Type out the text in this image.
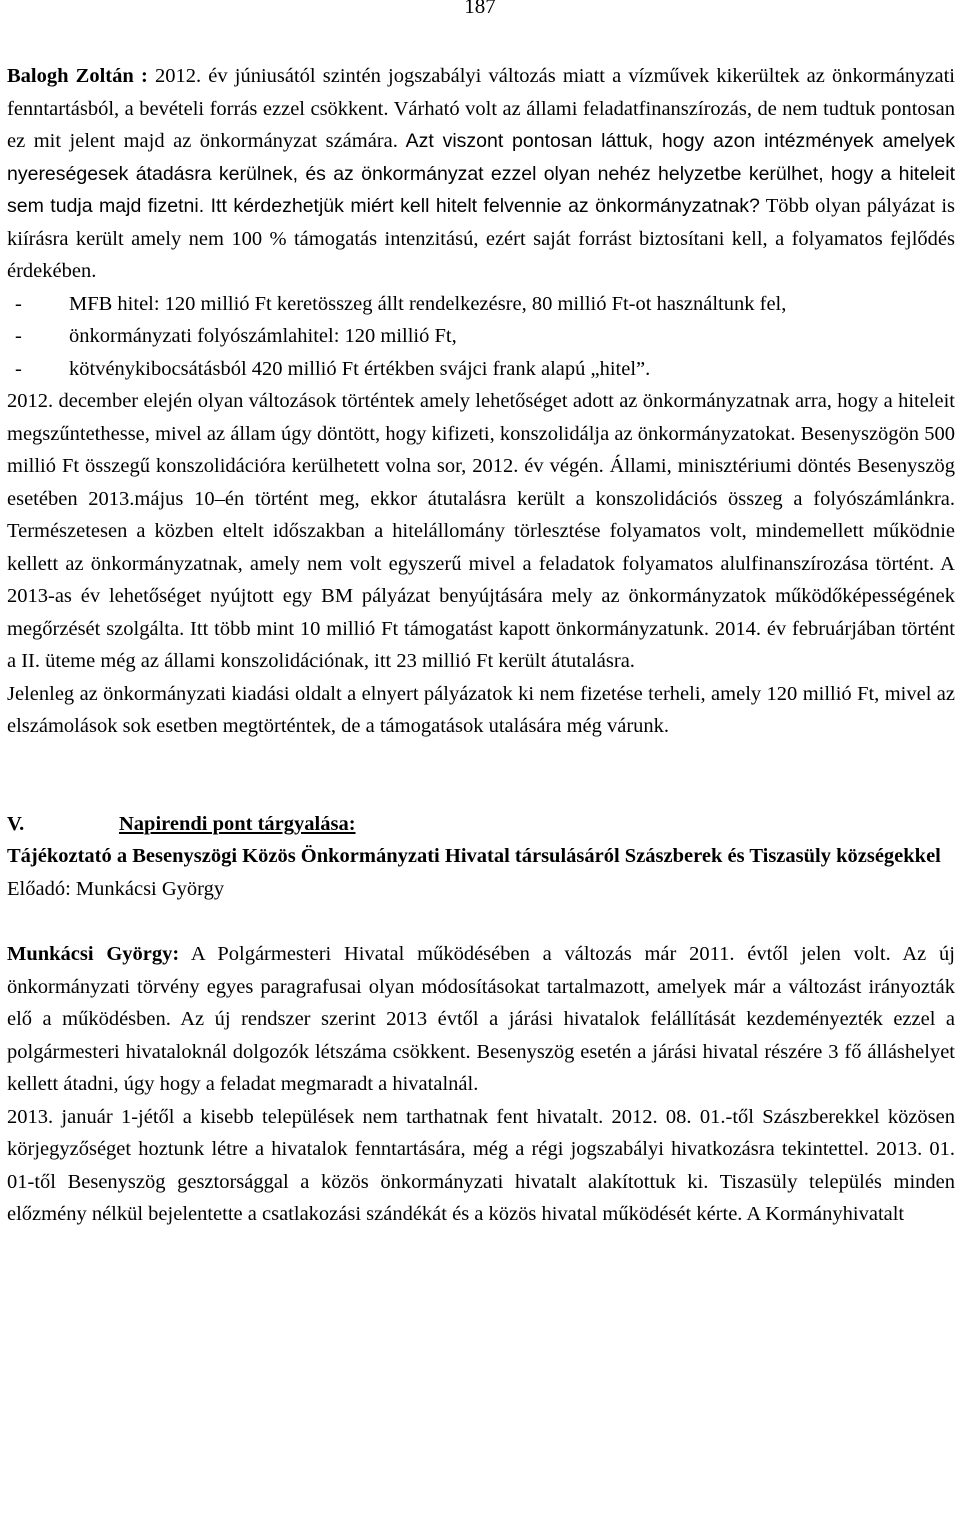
187

Balogh Zoltán : 2012. év júniusától szintén jogszabályi változás miatt a vízművek kikerültek az önkormányzati fenntartásból, a bevételi forrás ezzel csökkent. Várható volt az állami feladatfinanszírozás, de nem tudtuk pontosan ez mit jelent majd az önkormányzat számára. Azt viszont pontosan láttuk, hogy azon intézmények amelyek nyereségesek átadásra kerülnek, és az önkormányzat ezzel olyan nehéz helyzetbe kerülhet, hogy a hiteleit sem tudja majd fizetni. Itt kérdezhetjük miért kell hitelt felvennie az önkormányzatnak? Több olyan pályázat is kiírásra került amely nem 100 % támogatás intenzitású, ezért saját forrást biztosítani kell, a folyamatos fejlődés érdekében.

- MFB hitel: 120 millió Ft keretösszeg állt rendelkezésre, 80 millió Ft-ot használtunk fel,
- önkormányzati folyószámlahitel: 120 millió Ft,
- kötvénykibocsátásból 420 millió Ft értékben svájci frank alapú „hitel”.

2012. december elején olyan változások történtek amely lehetőséget adott az önkormányzatnak arra, hogy a hiteleit megszűntethesse, mivel az állam úgy döntött, hogy kifizeti, konszolidálja az önkormányzatokat. Besenyszögön 500 millió Ft összegű konszolidációra kerülhetett volna sor, 2012. év végén. Állami, minisztériumi döntés Besenyszög esetében 2013.május 10–én történt meg, ekkor átutalásra került a konszolidációs összeg a folyószámlánkra. Természetesen a közben eltelt időszakban a hitelállomány törlesztése folyamatos volt, mindemellett működnie kellett az önkormányzatnak, amely nem volt egyszerű mivel a feladatok folyamatos alulfinanszírozása történt. A 2013-as év lehetőséget nyújtott egy BM pályázat benyújtására mely az önkormányzatok működőképességének megőrzését szolgálta. Itt több mint 10 millió Ft támogatást kapott önkormányzatunk. 2014. év februárjában történt a II. üteme még az állami konszolidációnak, itt 23 millió Ft került átutalásra.

Jelenleg az önkormányzati kiadási oldalt a elnyert pályázatok ki nem fizetése terheli, amely 120 millió Ft, mivel az elszámolások sok esetben megtörténtek, de a támogatások utalására még várunk.

V.	Napirendi pont tárgyalása:

Tájékoztató a Besenyszögi Közös Önkormányzati Hivatal társulásáról Szászberek és Tiszasüly községekkel

Előadó: Munkácsi György

Munkácsi György: A Polgármesteri Hivatal működésében a változás már 2011. évtől jelen volt. Az új önkormányzati törvény egyes paragrafusai olyan módosításokat tartalmazott, amelyek már a változást irányozták elő a működésben. Az új rendszer szerint 2013 évtől a járási hivatalok felállítását kezdeményezték ezzel a polgármesteri hivataloknál dolgozók létszáma csökkent. Besenyszög esetén a járási hivatal részére 3 fő álláshelyet kellett átadni, úgy hogy a feladat megmaradt a hivatalnál.

2013. január 1-jétől a kisebb települések nem tarthatnak fent hivatalt. 2012. 08. 01.-től Szászberekkel közösen körjegyzőséget hoztunk létre a hivatalok fenntartására, még a régi jogszabályi hivatkozásra tekintettel. 2013. 01. 01-től Besenyszög gesztorsággal a közös önkormányzati hivatalt alakítottuk ki. Tiszasüly település minden előzmény nélkül bejelentette a csatlakozási szándékát és a közös hivatal működését kérte. A Kormányhivatalt
